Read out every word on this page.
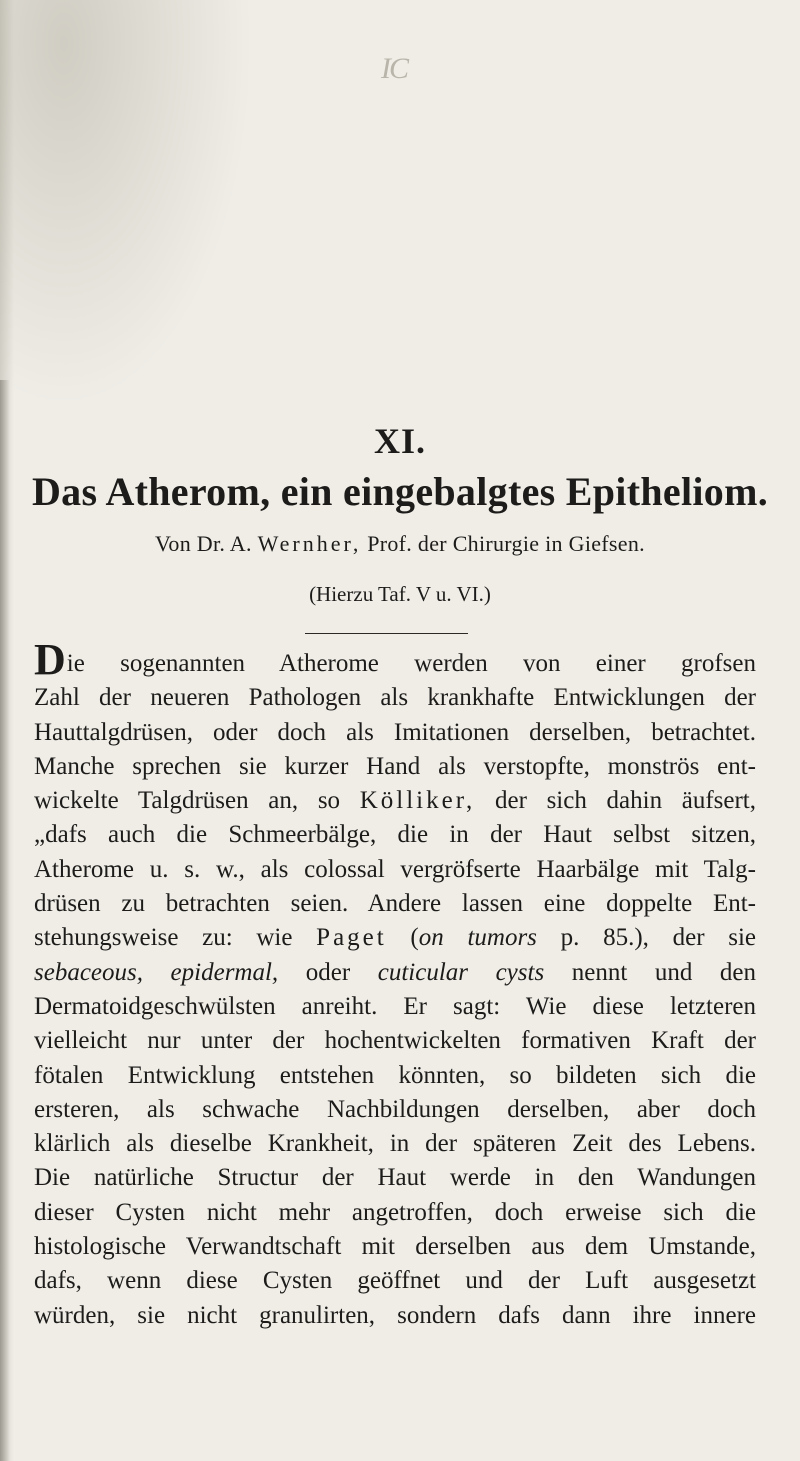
IC
XI.
Das Atherom, ein eingebalgtes Epitheliom.
Von Dr. A. Wernher, Prof. der Chirurgie in Giefsen.
(Hierzu Taf. V u. VI.)
Die sogenannten Atherome werden von einer grofsen
Zahl der neueren Pathologen als krankhafte Entwicklungen der
Hauttalgdrüsen, oder doch als Imitationen derselben, betrachtet.
Manche sprechen sie kurzer Hand als verstopfte, monströs ent-
wickelte Talgdrüsen an, so Kölliker, der sich dahin äufsert,
„dafs auch die Schmeerbälge, die in der Haut selbst sitzen,
Atherome u. s. w., als colossal vergröfserte Haarbälge mit Talg-
drüsen zu betrachten seien. Andere lassen eine doppelte Ent-
stehungsweise zu: wie Paget (on tumors p. 85.), der sie
sebaceous, epidermal, oder cuticular cysts nennt und den
Dermatoidgeschwülsten anreiht. Er sagt: Wie diese letzteren
vielleicht nur unter der hochentwickelten formativen Kraft der
fötalen Entwicklung entstehen könnten, so bildeten sich die
ersteren, als schwache Nachbildungen derselben, aber doch
klärlich als dieselbe Krankheit, in der späteren Zeit des Lebens.
Die natürliche Structur der Haut werde in den Wandungen
dieser Cysten nicht mehr angetroffen, doch erweise sich die
histologische Verwandtschaft mit derselben aus dem Umstande,
dafs, wenn diese Cysten geöffnet und der Luft ausgesetzt
würden, sie nicht granulirten, sondern dafs dann ihre innere
